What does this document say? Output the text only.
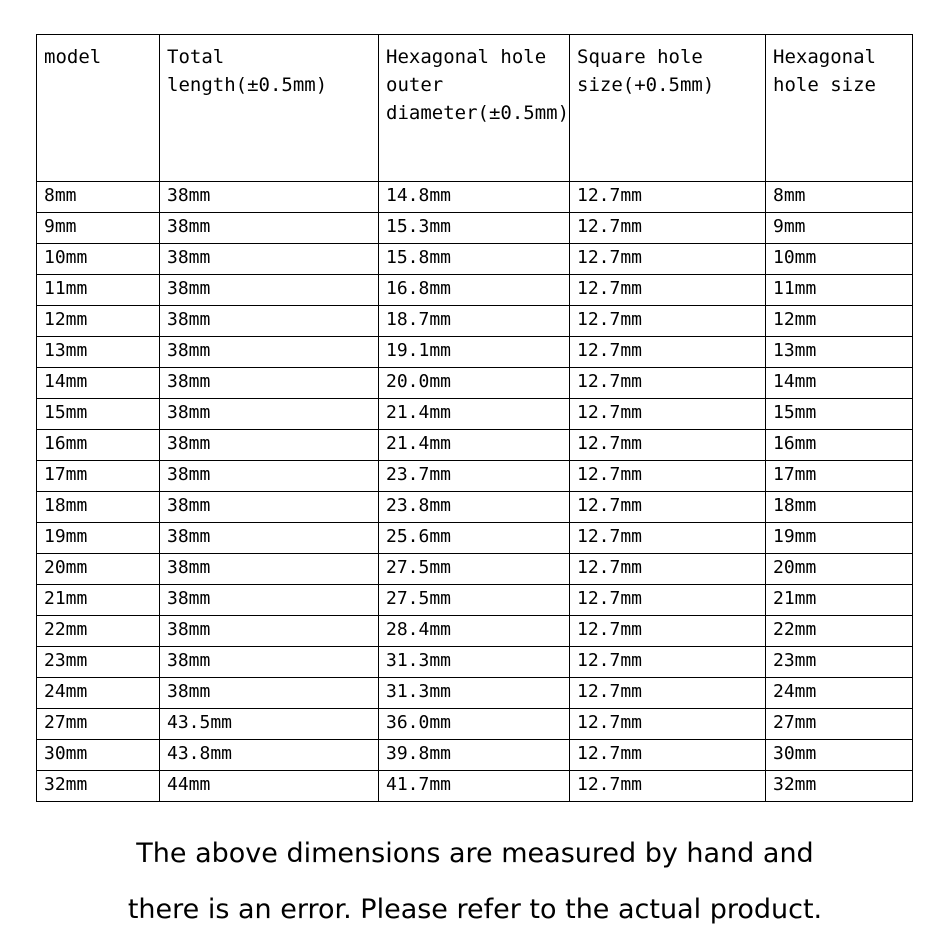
model	Total length(±0.5mm)	Hexagonal hole outer diameter(±0.5mm)	Square hole size(+0.5mm)	Hexagonal hole size
8mm	38mm	14.8mm	12.7mm	8mm
9mm	38mm	15.3mm	12.7mm	9mm
10mm	38mm	15.8mm	12.7mm	10mm
11mm	38mm	16.8mm	12.7mm	11mm
12mm	38mm	18.7mm	12.7mm	12mm
13mm	38mm	19.1mm	12.7mm	13mm
14mm	38mm	20.0mm	12.7mm	14mm
15mm	38mm	21.4mm	12.7mm	15mm
16mm	38mm	21.4mm	12.7mm	16mm
17mm	38mm	23.7mm	12.7mm	17mm
18mm	38mm	23.8mm	12.7mm	18mm
19mm	38mm	25.6mm	12.7mm	19mm
20mm	38mm	27.5mm	12.7mm	20mm
21mm	38mm	27.5mm	12.7mm	21mm
22mm	38mm	28.4mm	12.7mm	22mm
23mm	38mm	31.3mm	12.7mm	23mm
24mm	38mm	31.3mm	12.7mm	24mm
27mm	43.5mm	36.0mm	12.7mm	27mm
30mm	43.8mm	39.8mm	12.7mm	30mm
32mm	44mm	41.7mm	12.7mm	32mm
The above dimensions are measured by hand and
there is an error. Please refer to the actual product.
